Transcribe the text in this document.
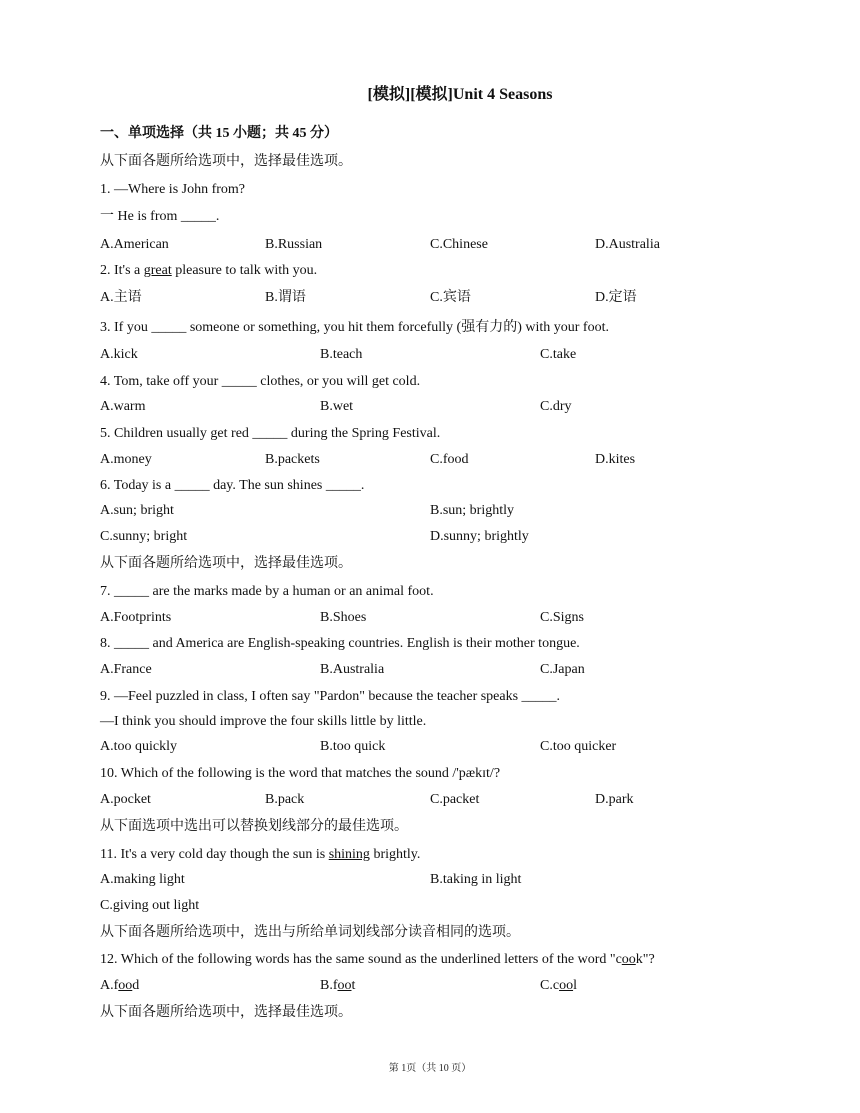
[模拟][模拟]Unit 4 Seasons
一、单项选择（共 15 小题；共 45 分）
从下面各题所给选项中，选择最佳选项。
1. —Where is John from?
一 He is from _____.
A.American	B.Russian	C.Chinese	D.Australia
2. It's a great pleasure to talk with you.
A.主语	B.谓语	C.宾语	D.定语
3. If you _____ someone or something, you hit them forcefully (强有力的) with your foot.
A.kick	B.teach	C.take
4. Tom, take off your _____ clothes, or you will get cold.
A.warm	B.wet	C.dry
5. Children usually get red _____ during the Spring Festival.
A.money	B.packets	C.food	D.kites
6. Today is a _____ day. The sun shines _____.
A.sun; bright	B.sun; brightly
C.sunny; bright	D.sunny; brightly
从下面各题所给选项中，选择最佳选项。
7. _____ are the marks made by a human or an animal foot.
A.Footprints	B.Shoes	C.Signs
8. _____ and America are English-speaking countries. English is their mother tongue.
A.France	B.Australia	C.Japan
9. —Feel puzzled in class, I often say "Pardon" because the teacher speaks _____.
—I think you should improve the four skills little by little.
A.too quickly	B.too quick	C.too quicker
10. Which of the following is the word that matches the sound /'pækɪt/?
A.pocket	B.pack	C.packet	D.park
从下面选项中选出可以替换划线部分的最佳选项。
11. It's a very cold day though the sun is shining brightly.
A.making light	B.taking in light
C.giving out light
从下面各题所给选项中，选出与所给单词划线部分读音相同的选项。
12. Which of the following words has the same sound as the underlined letters of the word "cook"?
A.food	B.foot	C.cool
从下面各题所给选项中，选择最佳选项。
第 1页（共 10 页）
